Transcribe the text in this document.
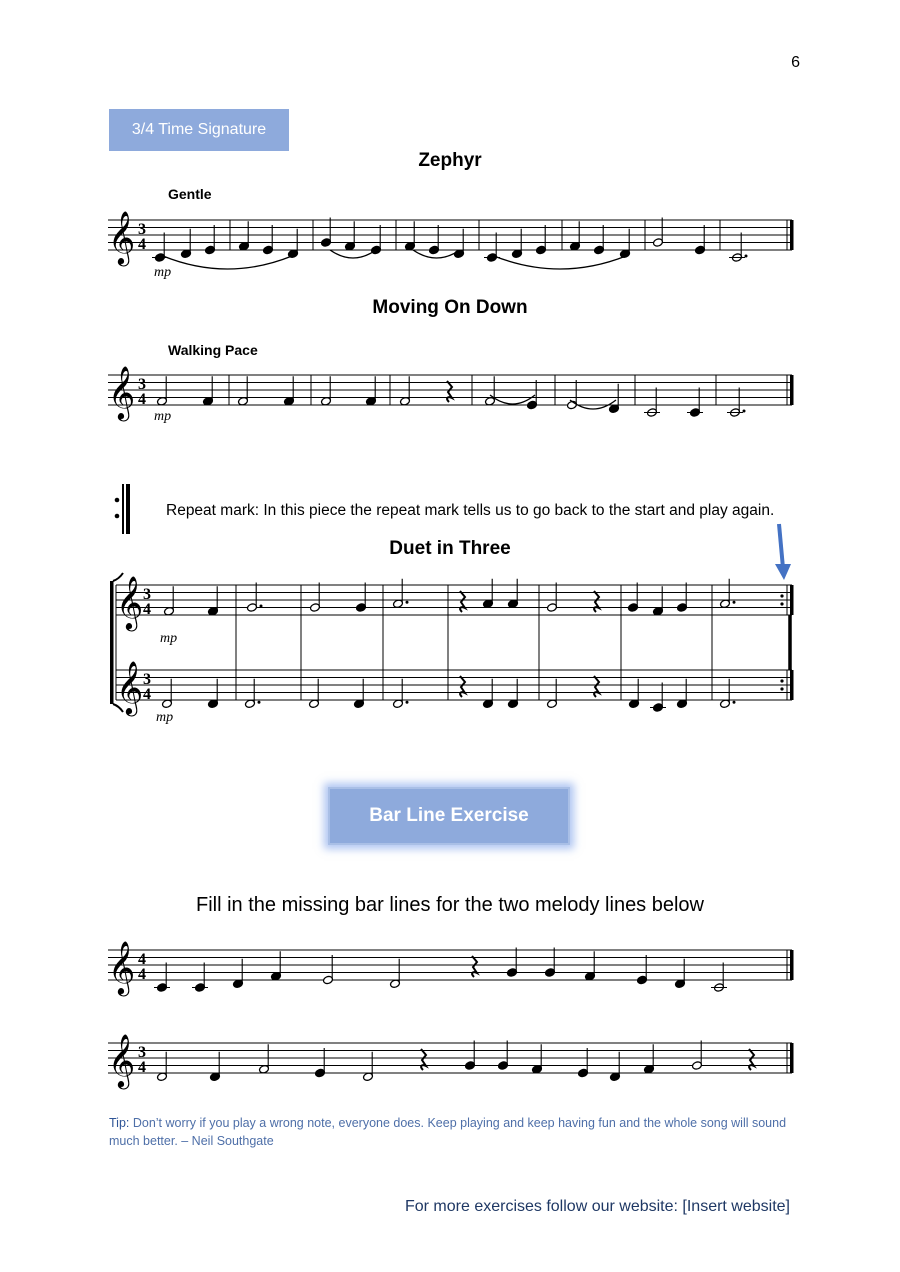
6
3/4 Time Signature
Zephyr
Gentle
mp
𝄞 3
4
Moving On Down
Walking Pace
mp
𝄞 3
4
Repeat mark: In this piece the repeat mark tells us to go back to the start and play again.
Duet in Three
mp
mp
𝄞
𝄞
3
4
3
4
Bar Line Exercise
Fill in the missing bar lines for the two melody lines below
𝄞 4
4
𝄞 3
4
Tip: Don’t worry if you play a wrong note, everyone does. Keep playing and keep having fun and the whole song will sound much better. – Neil Southgate
For more exercises follow our website: [Insert website]
